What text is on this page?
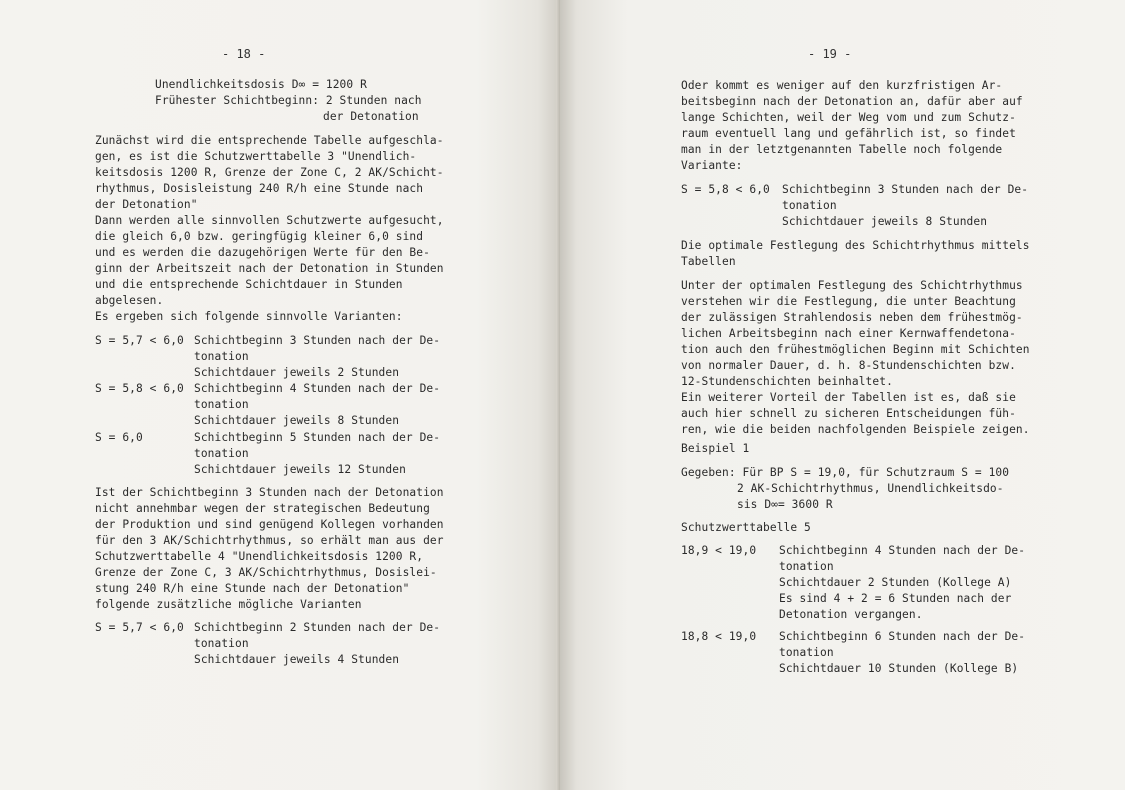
- 18 -
Unendlichkeitsdosis D∞ = 1200 R
Frühester Schichtbeginn: 2 Stunden nach
der Detonation
Zunächst wird die entsprechende Tabelle aufgeschla-
gen, es ist die Schutzwerttabelle 3 "Unendlich-
keitsdosis 1200 R, Grenze der Zone C, 2 AK/Schicht-
rhythmus, Dosisleistung 240 R/h eine Stunde nach
der Detonation"
Dann werden alle sinnvollen Schutzwerte aufgesucht,
die gleich 6,0 bzw. geringfügig kleiner 6,0 sind
und es werden die dazugehörigen Werte für den Be-
ginn der Arbeitszeit nach der Detonation in Stunden
und die entsprechende Schichtdauer in Stunden
abgelesen.
Es ergeben sich folgende sinnvolle Varianten:
S = 5,7 < 6,0 Schichtbeginn 3 Stunden nach der De-
tonation
Schichtdauer jeweils 2 Stunden
S = 5,8 < 6,0 Schichtbeginn 4 Stunden nach der De-
tonation
Schichtdauer jeweils 8 Stunden
S = 6,0	Schichtbeginn 5 Stunden nach der De-
tonation
Schichtdauer jeweils 12 Stunden
Ist der Schichtbeginn 3 Stunden nach der Detonation
nicht annehmbar wegen der strategischen Bedeutung
der Produktion und sind genügend Kollegen vorhanden
für den 3 AK/Schichtrhythmus, so erhält man aus der
Schutzwerttabelle 4 "Unendlichkeitsdosis 1200 R,
Grenze der Zone C, 3 AK/Schichtrhythmus, Dosislei-
stung 240 R/h eine Stunde nach der Detonation"
folgende zusätzliche mögliche Varianten
S = 5,7 < 6,0 Schichtbeginn 2 Stunden nach der De-
tonation
Schichtdauer jeweils 4 Stunden
- 19 -
Oder kommt es weniger auf den kurzfristigen Ar-
beitsbeginn nach der Detonation an, dafür aber auf
lange Schichten, weil der Weg vom und zum Schutz-
raum eventuell lang und gefährlich ist, so findet
man in der letztgenannten Tabelle noch folgende
Variante:
S = 5,8 < 6,0 Schichtbeginn 3 Stunden nach der De-
tonation
Schichtdauer jeweils 8 Stunden
Die optimale Festlegung des Schichtrhythmus mittels
Tabellen
Unter der optimalen Festlegung des Schichtrhythmus
verstehen wir die Festlegung, die unter Beachtung
der zulässigen Strahlendosis neben dem frühestmög-
lichen Arbeitsbeginn nach einer Kernwaffendetona-
tion auch den frühestmöglichen Beginn mit Schichten
von normaler Dauer, d. h. 8-Stundenschichten bzw.
12-Stundenschichten beinhaltet.
Ein weiterer Vorteil der Tabellen ist es, daß sie
auch hier schnell zu sicheren Entscheidungen füh-
ren, wie die beiden nachfolgenden Beispiele zeigen.
Beispiel 1
Gegeben: Für BP S = 19,0, für Schutzraum S = 100
2 AK-Schichtrhythmus, Unendlichkeitsdo-
sis D∞= 3600 R
Schutzwerttabelle 5
18,9 < 19,0 Schichtbeginn 4 Stunden nach der De-
tonation
Schichtdauer 2 Stunden (Kollege A)
Es sind 4 + 2 = 6 Stunden nach der
Detonation vergangen.
18,8 < 19,0 Schichtbeginn 6 Stunden nach der De-
tonation
Schichtdauer 10 Stunden (Kollege B)
